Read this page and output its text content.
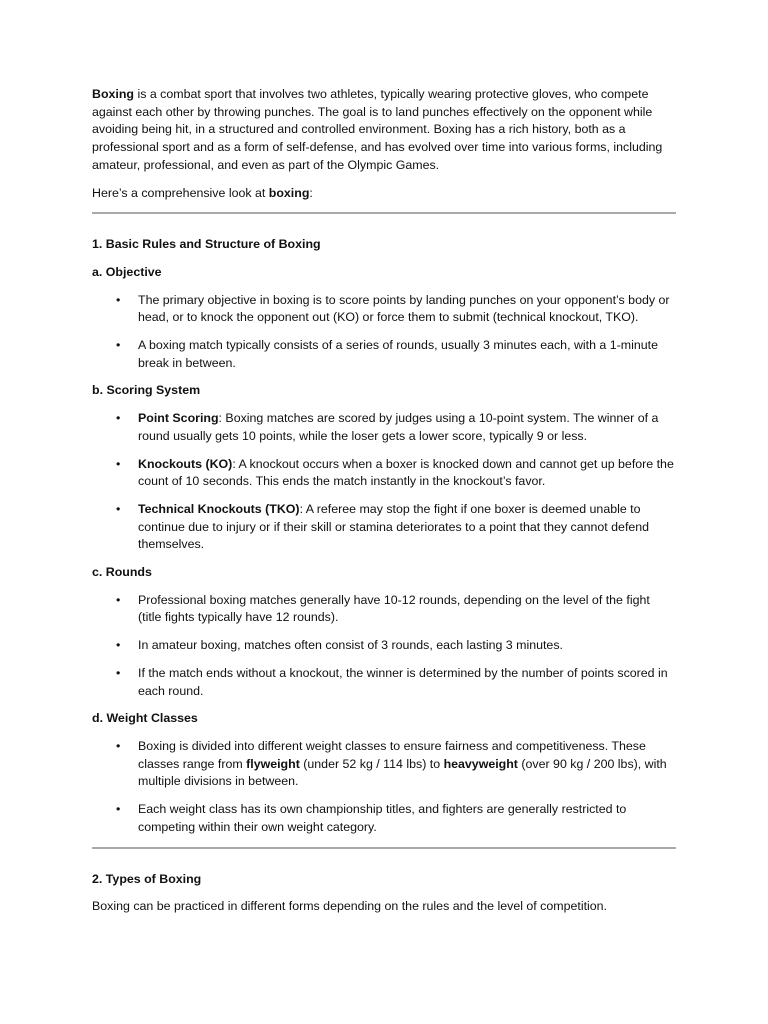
Boxing is a combat sport that involves two athletes, typically wearing protective gloves, who compete against each other by throwing punches. The goal is to land punches effectively on the opponent while avoiding being hit, in a structured and controlled environment. Boxing has a rich history, both as a professional sport and as a form of self-defense, and has evolved over time into various forms, including amateur, professional, and even as part of the Olympic Games.

Here’s a comprehensive look at boxing:

1. Basic Rules and Structure of Boxing

a. Objective

• The primary objective in boxing is to score points by landing punches on your opponent’s body or head, or to knock the opponent out (KO) or force them to submit (technical knockout, TKO).
• A boxing match typically consists of a series of rounds, usually 3 minutes each, with a 1-minute break in between.

b. Scoring System

• Point Scoring: Boxing matches are scored by judges using a 10-point system. The winner of a round usually gets 10 points, while the loser gets a lower score, typically 9 or less.
• Knockouts (KO): A knockout occurs when a boxer is knocked down and cannot get up before the count of 10 seconds. This ends the match instantly in the knockout’s favor.
• Technical Knockouts (TKO): A referee may stop the fight if one boxer is deemed unable to continue due to injury or if their skill or stamina deteriorates to a point that they cannot defend themselves.

c. Rounds

• Professional boxing matches generally have 10-12 rounds, depending on the level of the fight (title fights typically have 12 rounds).
• In amateur boxing, matches often consist of 3 rounds, each lasting 3 minutes.
• If the match ends without a knockout, the winner is determined by the number of points scored in each round.

d. Weight Classes

• Boxing is divided into different weight classes to ensure fairness and competitiveness. These classes range from flyweight (under 52 kg / 114 lbs) to heavyweight (over 90 kg / 200 lbs), with multiple divisions in between.
• Each weight class has its own championship titles, and fighters are generally restricted to competing within their own weight category.

2. Types of Boxing

Boxing can be practiced in different forms depending on the rules and the level of competition.
